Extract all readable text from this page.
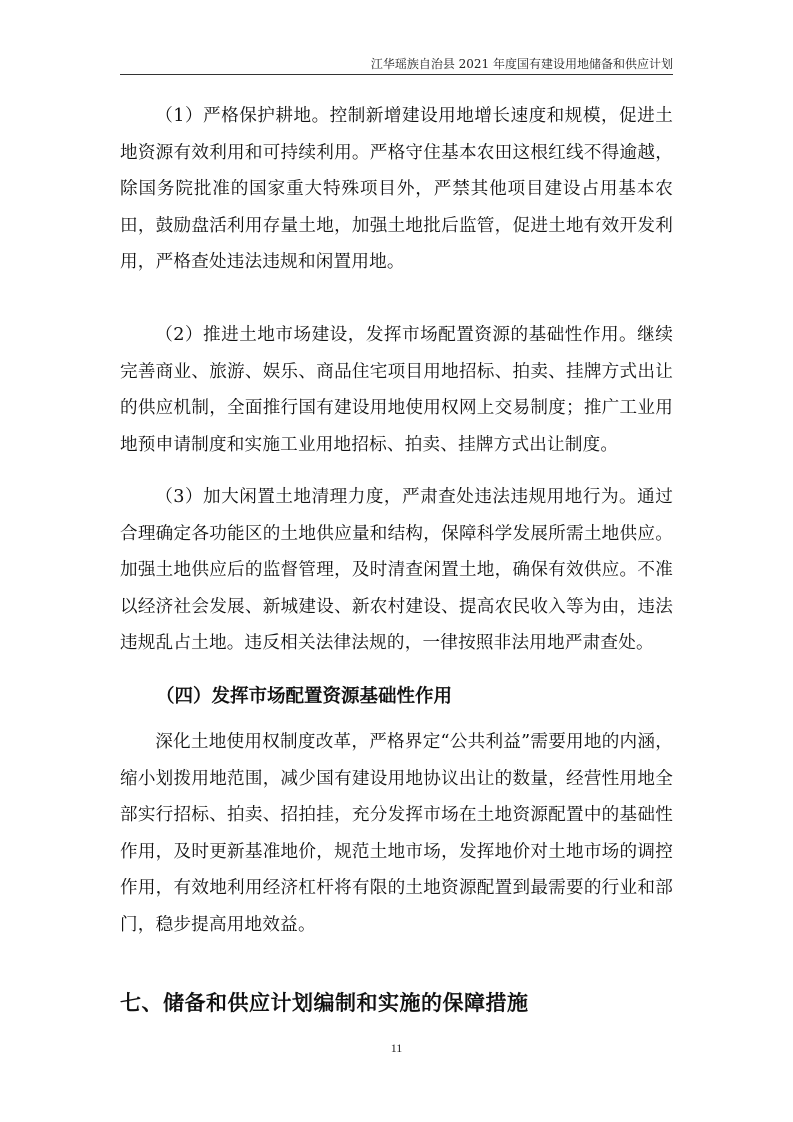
江华瑶族自治县 2021 年度国有建设用地储备和供应计划

（1）严格保护耕地。控制新增建设用地增长速度和规模，促进土地资源有效利用和可持续利用。严格守住基本农田这根红线不得逾越，除国务院批准的国家重大特殊项目外，严禁其他项目建设占用基本农田，鼓励盘活利用存量土地，加强土地批后监管，促进土地有效开发利用，严格查处违法违规和闲置用地。

（2）推进土地市场建设，发挥市场配置资源的基础性作用。继续完善商业、旅游、娱乐、商品住宅项目用地招标、拍卖、挂牌方式出让的供应机制，全面推行国有建设用地使用权网上交易制度；推广工业用地预申请制度和实施工业用地招标、拍卖、挂牌方式出让制度。

（3）加大闲置土地清理力度，严肃查处违法违规用地行为。通过合理确定各功能区的土地供应量和结构，保障科学发展所需土地供应。加强土地供应后的监督管理，及时清查闲置土地，确保有效供应。不准以经济社会发展、新城建设、新农村建设、提高农民收入等为由，违法违规乱占土地。违反相关法律法规的，一律按照非法用地严肃查处。

（四）发挥市场配置资源基础性作用

深化土地使用权制度改革，严格界定“公共利益”需要用地的内涵，缩小划拨用地范围，减少国有建设用地协议出让的数量，经营性用地全部实行招标、拍卖、招拍挂，充分发挥市场在土地资源配置中的基础性作用，及时更新基准地价，规范土地市场，发挥地价对土地市场的调控作用，有效地利用经济杠杆将有限的土地资源配置到最需要的行业和部门，稳步提高用地效益。

七、储备和供应计划编制和实施的保障措施
11
